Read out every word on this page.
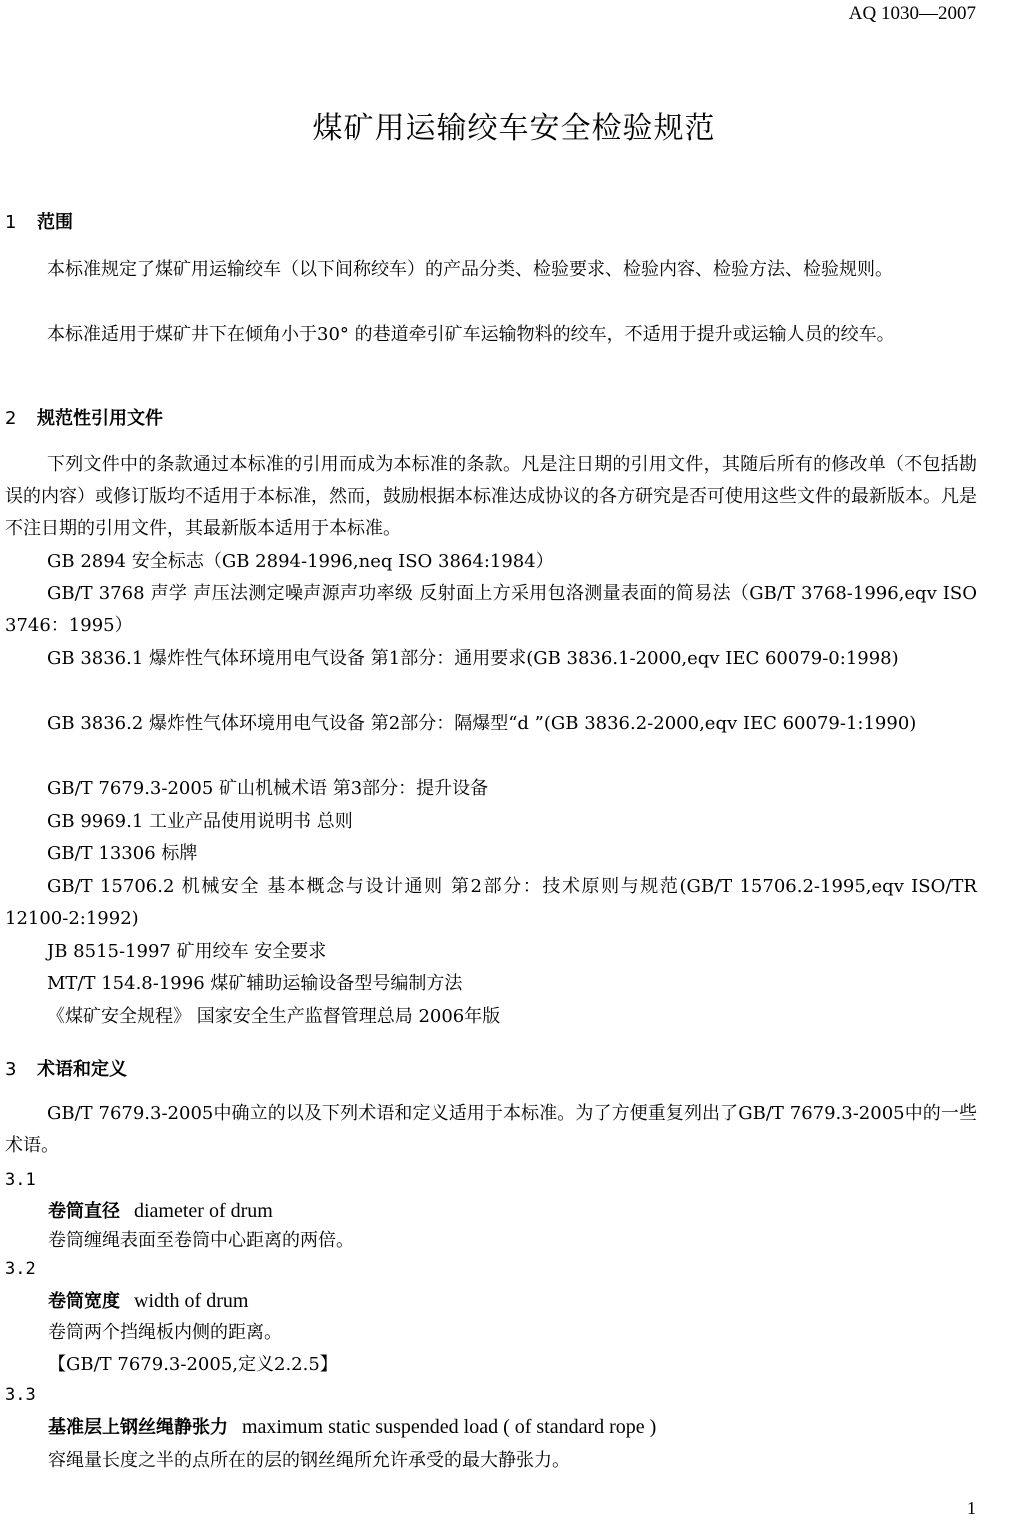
AQ 1030—2007
煤矿用运输绞车安全检验规范
1 范围
本标准规定了煤矿用运输绞车（以下间称绞车）的产品分类、检验要求、检验内容、检验方法、检验规则。
本标准适用于煤矿井下在倾角小于30° 的巷道牵引矿车运输物料的绞车，不适用于提升或运输人员的绞车。
2 规范性引用文件
下列文件中的条款通过本标准的引用而成为本标准的条款。凡是注日期的引用文件，其随后所有的修改单（不包括勘误的内容）或修订版均不适用于本标准，然而，鼓励根据本标准达成协议的各方研究是否可使用这些文件的最新版本。凡是不注日期的引用文件，其最新版本适用于本标准。
GB 2894 安全标志（GB 2894-1996,neq ISO 3864:1984）
GB/T 3768 声学 声压法测定噪声源声功率级 反射面上方采用包洛测量表面的简易法（GB/T 3768-1996,eqv ISO 3746：1995）
GB 3836.1 爆炸性气体环境用电气设备 第1部分：通用要求(GB 3836.1-2000,eqv IEC 60079-0:1998)
GB 3836.2 爆炸性气体环境用电气设备 第2部分：隔爆型“d ”(GB 3836.2-2000,eqv IEC 60079-1:1990)
GB/T 7679.3-2005 矿山机械术语 第3部分：提升设备
GB 9969.1 工业产品使用说明书 总则
GB/T 13306 标牌
GB/T 15706.2 机械安全 基本概念与设计通则 第2部分：技术原则与规范(GB/T 15706.2-1995,eqv ISO/TR 12100-2:1992)
JB 8515-1997 矿用绞车 安全要求
MT/T 154.8-1996 煤矿辅助运输设备型号编制方法
《煤矿安全规程》 国家安全生产监督管理总局 2006年版
3 术语和定义
GB/T 7679.3-2005中确立的以及下列术语和定义适用于本标准。为了方便重复列出了GB/T 7679.3-2005中的一些术语。
3.1
卷筒直径 diameter of drum
卷筒缠绳表面至卷筒中心距离的两倍。
3.2
卷筒宽度 width of drum
卷筒两个挡绳板内侧的距离。
【GB/T 7679.3-2005,定义2.2.5】
3.3
基准层上钢丝绳静张力 maximum static suspended load ( of standard rope )
容绳量长度之半的点所在的层的钢丝绳所允许承受的最大静张力。
1
